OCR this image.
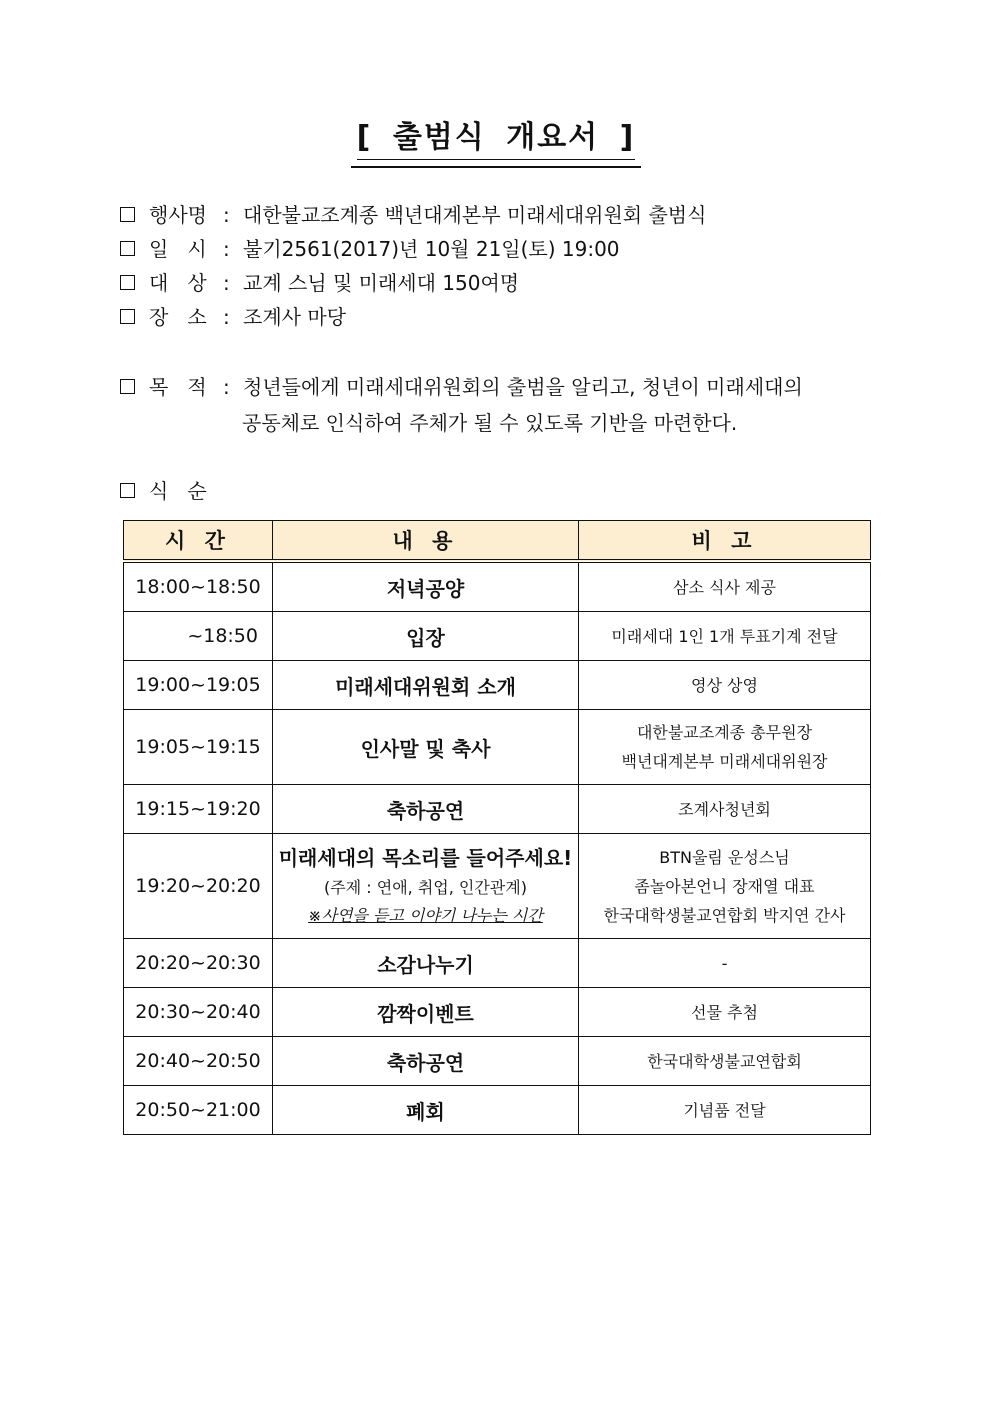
[ 출범식 개요서 ]
행사명 : 대한불교조계종 백년대계본부 미래세대위원회 출범식
일   시 : 불기2561(2017)년 10월 21일(토) 19:00
대   상 : 교계 스님 및 미래세대 150여명
장   소 : 조계사 마당
목   적 : 청년들에게 미래세대위원회의 출범을 알리고, 청년이 미래세대의
공동체로 인식하여 주체가 될 수 있도록 기반을 마련한다.
식   순
시 간	내 용	비 고
18:00~18:50	저녁공양	삼소 식사 제공
~18:50	입장	미래세대 1인 1개 투표기계 전달
19:00~19:05	미래세대위원회 소개	영상 상영
19:05~19:15	인사말 및 축사	대한불교조계종 총무원장
백년대계본부 미래세대위원장

19:15~19:20	축하공연	조계사청년회
19:20~20:20	미래세대의 목소리를 들어주세요!
(주제 : 연애, 취업, 인간관계)
※사연을 듣고 이야기 나누는 시간	BTN울림 운성스님
좀놀아본언니 장재열 대표
한국대학생불교연합회 박지연 간사

20:20~20:30	소감나누기	-
20:30~20:40	깜짝이벤트	선물 추첨
20:40~20:50	축하공연	한국대학생불교연합회
20:50~21:00	폐회	기념품 전달
